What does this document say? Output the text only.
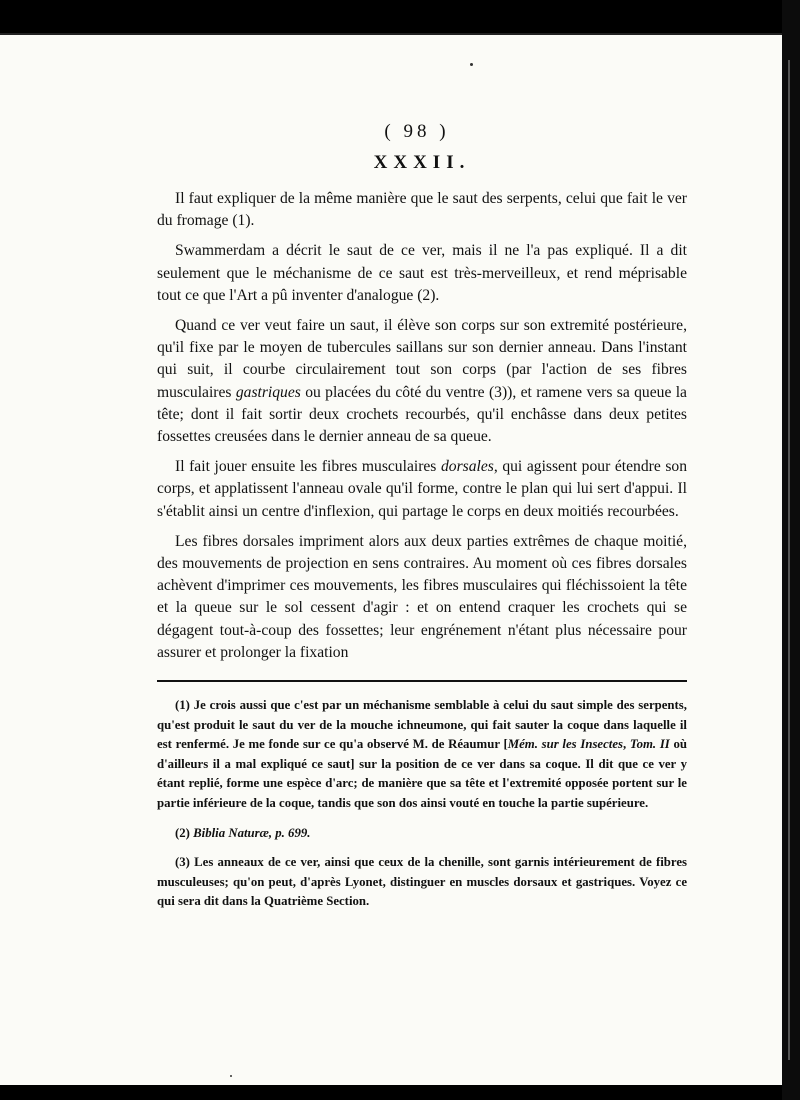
( 98 )
XXXII.

Il faut expliquer de la même manière que le saut des serpents, celui que fait le ver du fromage (1).

Swammerdam a décrit le saut de ce ver, mais il ne l'a pas expliqué. Il a dit seulement que le méchanisme de ce saut est très-merveilleux, et rend méprisable tout ce que l'Art a pû inventer d'analogue (2).

Quand ce ver veut faire un saut, il élève son corps sur son extremité postérieure, qu'il fixe par le moyen de tubercules saillans sur son dernier anneau. Dans l'instant qui suit, il courbe circulairement tout son corps (par l'action de ses fibres musculaires gastriques ou placées du côté du ventre (3)), et ramene vers sa queue la tête; dont il fait sortir deux crochets recourbés, qu'il enchâsse dans deux petites fossettes creusées dans le dernier anneau de sa queue.

Il fait jouer ensuite les fibres musculaires dorsales, qui agissent pour étendre son corps, et applatissent l'anneau ovale qu'il forme, contre le plan qui lui sert d'appui. Il s'établit ainsi un centre d'inflexion, qui partage le corps en deux moitiés recourbées.

Les fibres dorsales impriment alors aux deux parties extrêmes de chaque moitié, des mouvements de projection en sens contraires. Au moment où ces fibres dorsales achèvent d'imprimer ces mouvements, les fibres musculaires qui fléchissoient la tête et la queue sur le sol cessent d'agir : et on entend craquer les crochets qui se dégagent tout-à-coup des fossettes; leur engrénement n'étant plus nécessaire pour assurer et prolonger la fixation

(1) Je crois aussi que c'est par un méchanisme semblable à celui du saut simple des serpents, qu'est produit le saut du ver de la mouche ichneumone, qui fait sauter la coque dans laquelle il est renfermé. Je me fonde sur ce qu'a observé M. de Réaumur [Mém. sur les Insectes, Tom. II où d'ailleurs il a mal expliqué ce saut] sur la position de ce ver dans sa coque. Il dit que ce ver y étant replié, forme une espèce d'arc; de manière que sa tête et l'extremité opposée portent sur le partie inférieure de la coque, tandis que son dos ainsi vouté en touche la partie supérieure.

(2) Biblia Naturæ, p. 699.

(3) Les anneaux de ce ver, ainsi que ceux de la chenille, sont garnis intérieurement de fibres musculeuses; qu'on peut, d'après Lyonet, distinguer en muscles dorsaux et gastriques. Voyez ce qui sera dit dans la Quatrième Section.
